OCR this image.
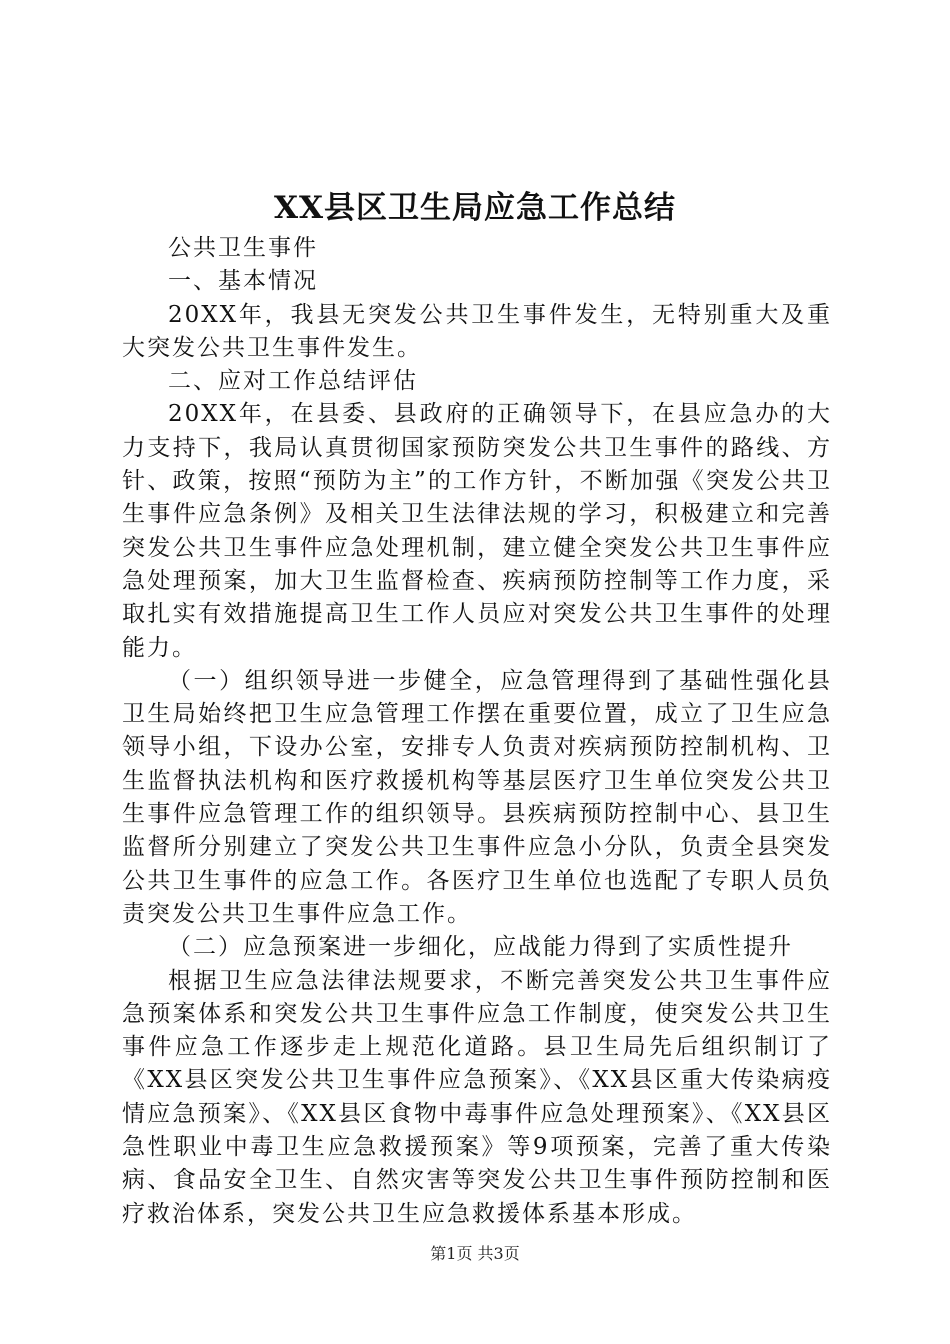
XX县区卫生局应急工作总结

公共卫生事件

一、基本情况

20XX年，我县无突发公共卫生事件发生，无特别重大及重大突发公共卫生事件发生。

二、应对工作总结评估

20XX年，在县委、县政府的正确领导下，在县应急办的大力支持下，我局认真贯彻国家预防突发公共卫生事件的路线、方针、政策，按照“预防为主”的工作方针，不断加强《突发公共卫生事件应急条例》及相关卫生法律法规的学习，积极建立和完善突发公共卫生事件应急处理机制，建立健全突发公共卫生事件应急处理预案，加大卫生监督检查、疾病预防控制等工作力度，采取扎实有效措施提高卫生工作人员应对突发公共卫生事件的处理能力。

（一）组织领导进一步健全，应急管理得到了基础性强化县卫生局始终把卫生应急管理工作摆在重要位置，成立了卫生应急领导小组，下设办公室，安排专人负责对疾病预防控制机构、卫生监督执法机构和医疗救援机构等基层医疗卫生单位突发公共卫生事件应急管理工作的组织领导。县疾病预防控制中心、县卫生监督所分别建立了突发公共卫生事件应急小分队，负责全县突发公共卫生事件的应急工作。各医疗卫生单位也选配了专职人员负责突发公共卫生事件应急工作。

（二）应急预案进一步细化，应战能力得到了实质性提升

根据卫生应急法律法规要求，不断完善突发公共卫生事件应急预案体系和突发公共卫生事件应急工作制度，使突发公共卫生事件应急工作逐步走上规范化道路。县卫生局先后组织制订了《XX县区突发公共卫生事件应急预案》、《XX县区重大传染病疫情应急预案》、《XX县区食物中毒事件应急处理预案》、《XX县区急性职业中毒卫生应急救援预案》等9项预案，完善了重大传染病、食品安全卫生、自然灾害等突发公共卫生事件预防控制和医疗救治体系，突发公共卫生应急救援体系基本形成。

第1页 共3页
